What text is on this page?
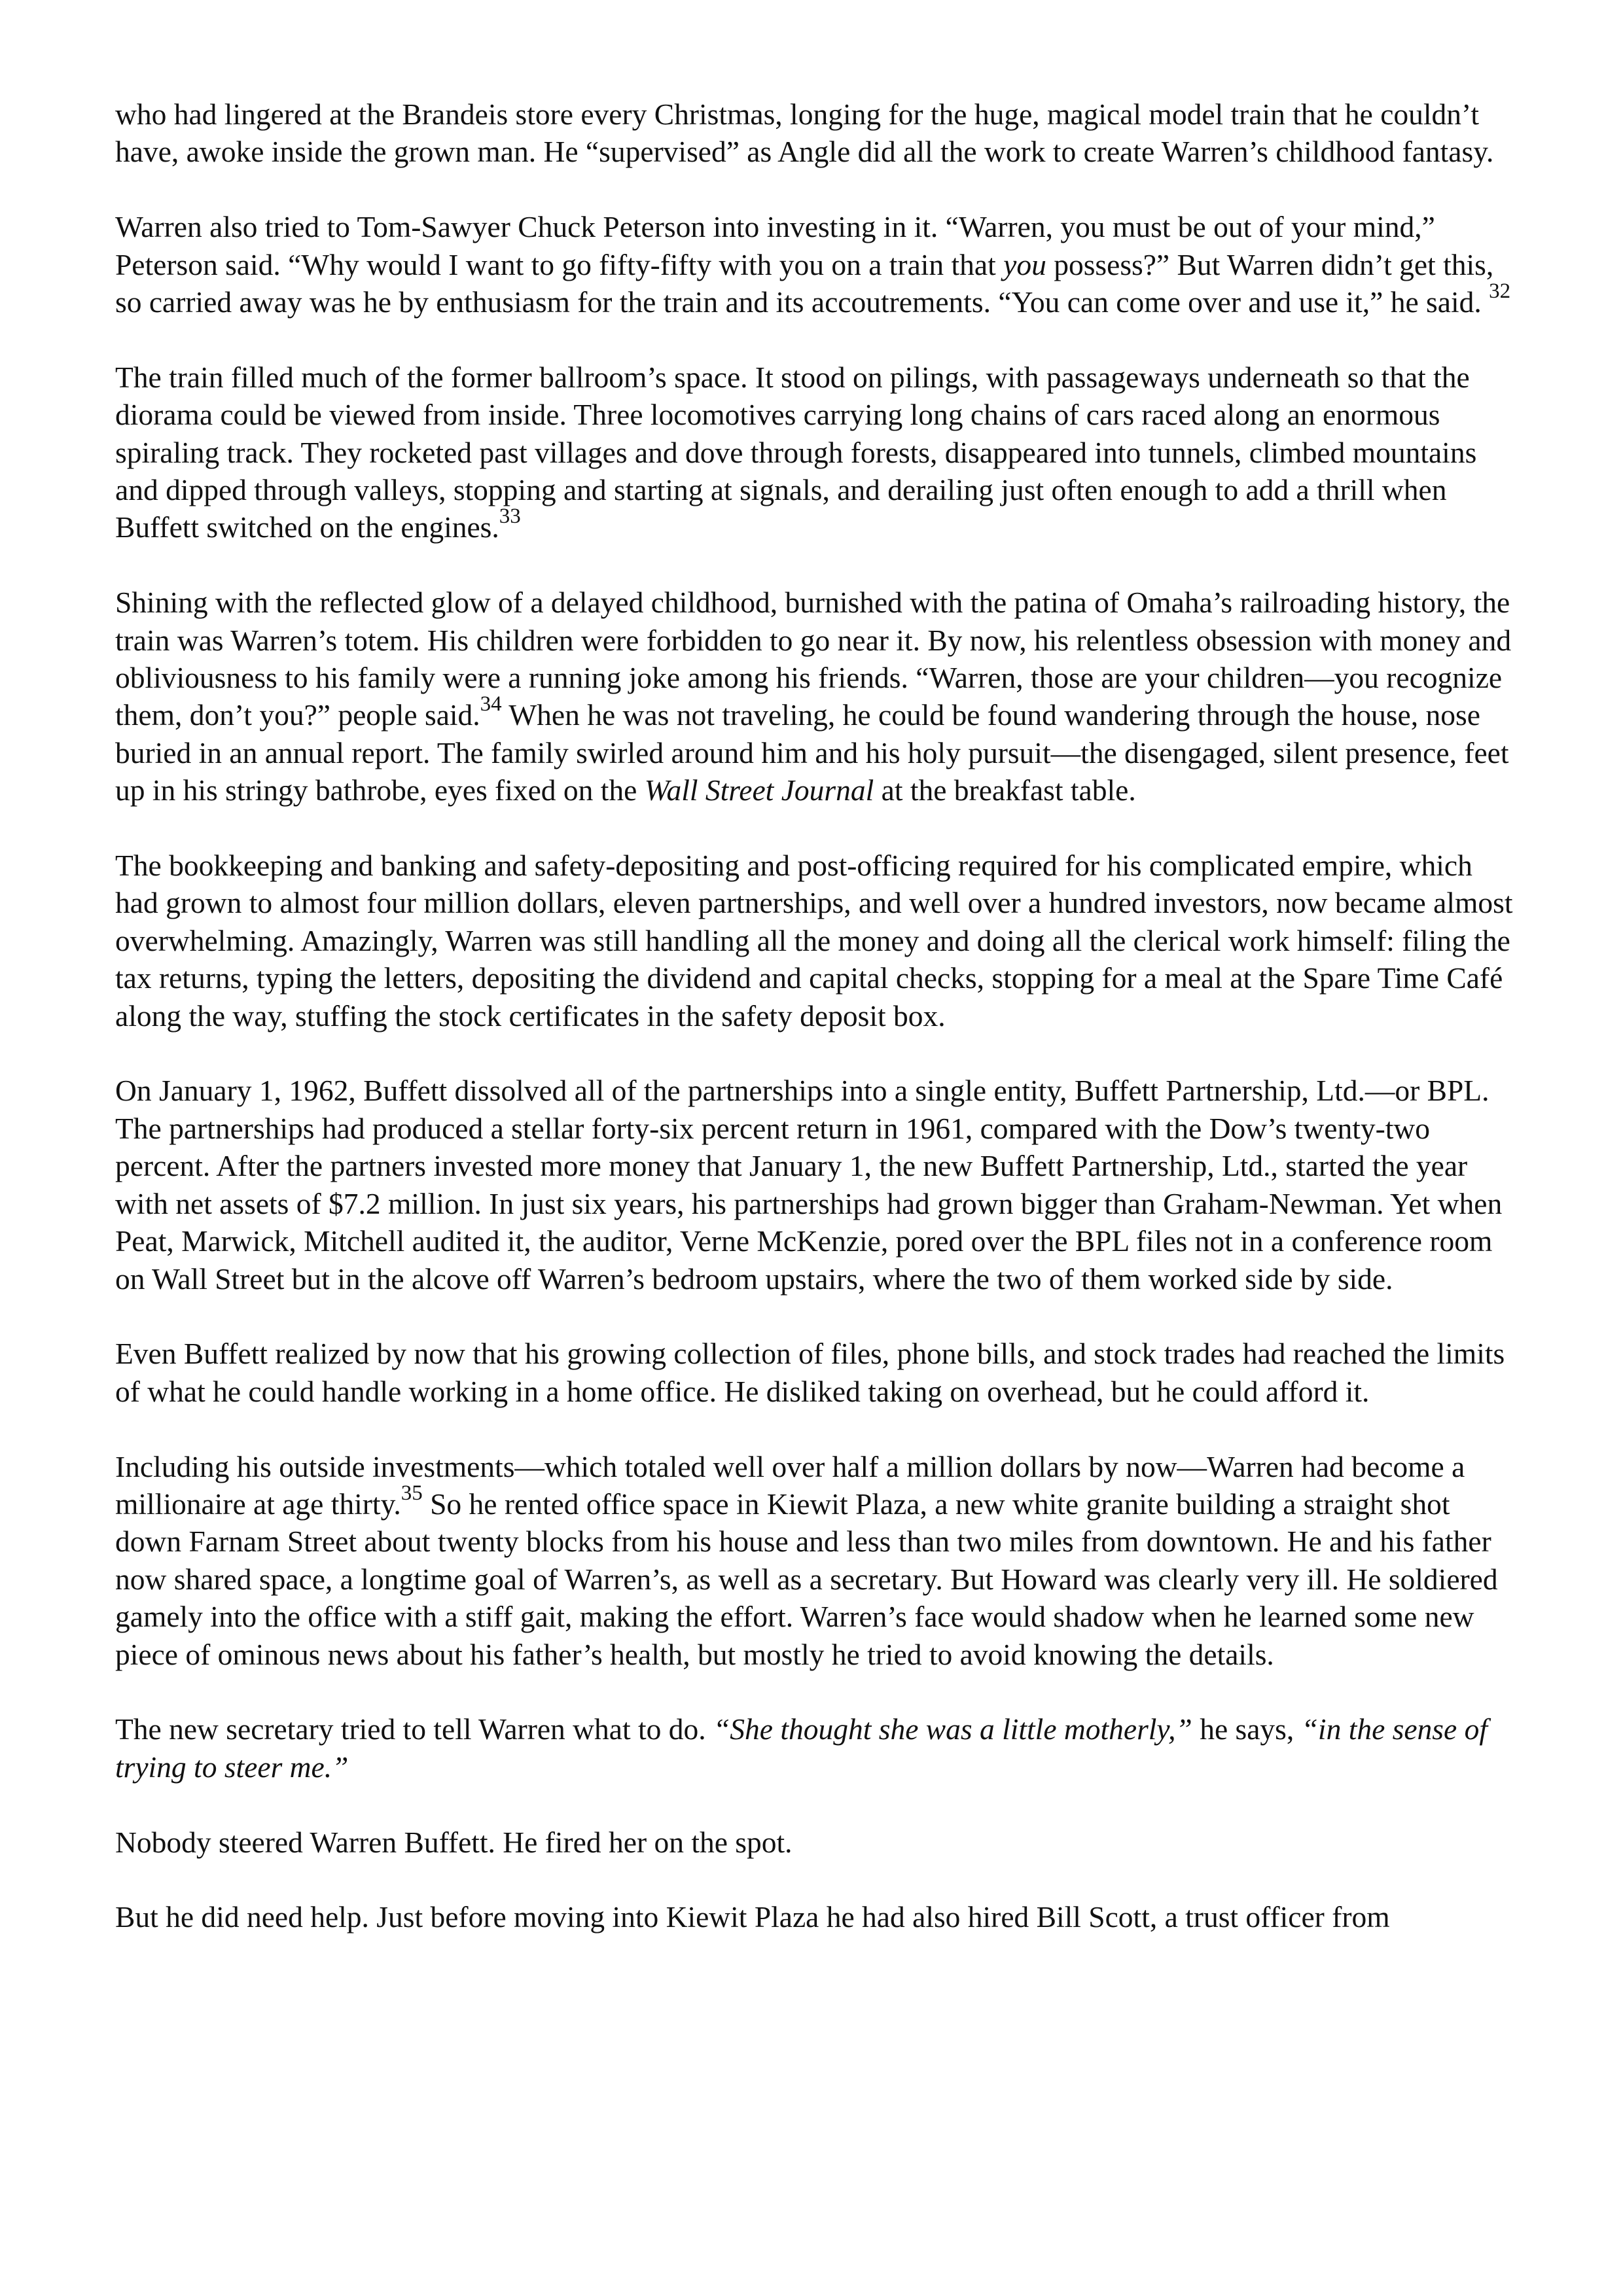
who had lingered at the Brandeis store every Christmas, longing for the huge, magical model train that he couldn’t have, awoke inside the grown man. He “supervised” as Angle did all the work to create Warren’s childhood fantasy.

Warren also tried to Tom-Sawyer Chuck Peterson into investing in it. “Warren, you must be out of your mind,” Peterson said. “Why would I want to go fifty-fifty with you on a train that you possess?” But Warren didn’t get this, so carried away was he by enthusiasm for the train and its accoutrements. “You can come over and use it,” he said. $^{32}$

The train filled much of the former ballroom’s space. It stood on pilings, with passageways underneath so that the diorama could be viewed from inside. Three locomotives carrying long chains of cars raced along an enormous spiraling track. They rocketed past villages and dove through forests, disappeared into tunnels, climbed mountains and dipped through valleys, stopping and starting at signals, and derailing just often enough to add a thrill when Buffett switched on the engines.$^{33}$

Shining with the reflected glow of a delayed childhood, burnished with the patina of Omaha’s railroading history, the train was Warren’s totem. His children were forbidden to go near it. By now, his relentless obsession with money and obliviousness to his family were a running joke among his friends. “Warren, those are your children—you recognize them, don’t you?” people said.$^{34}$ When he was not traveling, he could be found wandering through the house, nose buried in an annual report. The family swirled around him and his holy pursuit—the disengaged, silent presence, feet up in his stringy bathrobe, eyes fixed on the Wall Street Journal at the breakfast table.

The bookkeeping and banking and safety-depositing and post-officing required for his complicated empire, which had grown to almost four million dollars, eleven partnerships, and well over a hundred investors, now became almost overwhelming. Amazingly, Warren was still handling all the money and doing all the clerical work himself: filing the tax returns, typing the letters, depositing the dividend and capital checks, stopping for a meal at the Spare Time Café along the way, stuffing the stock certificates in the safety deposit box.

On January 1, 1962, Buffett dissolved all of the partnerships into a single entity, Buffett Partnership, Ltd.—or BPL. The partnerships had produced a stellar forty-six percent return in 1961, compared with the Dow’s twenty-two percent. After the partners invested more money that January 1, the new Buffett Partnership, Ltd., started the year with net assets of $7.2 million. In just six years, his partnerships had grown bigger than Graham-Newman. Yet when Peat, Marwick, Mitchell audited it, the auditor, Verne McKenzie, pored over the BPL files not in a conference room on Wall Street but in the alcove off Warren’s bedroom upstairs, where the two of them worked side by side.

Even Buffett realized by now that his growing collection of files, phone bills, and stock trades had reached the limits of what he could handle working in a home office. He disliked taking on overhead, but he could afford it.

Including his outside investments—which totaled well over half a million dollars by now—Warren had become a millionaire at age thirty.$^{35}$ So he rented office space in Kiewit Plaza, a new white granite building a straight shot down Farnam Street about twenty blocks from his house and less than two miles from downtown. He and his father now shared space, a longtime goal of Warren’s, as well as a secretary. But Howard was clearly very ill. He soldiered gamely into the office with a stiff gait, making the effort. Warren’s face would shadow when he learned some new piece of ominous news about his father’s health, but mostly he tried to avoid knowing the details.

The new secretary tried to tell Warren what to do. “She thought she was a little motherly,” he says, “in the sense of trying to steer me.”

Nobody steered Warren Buffett. He fired her on the spot.

But he did need help. Just before moving into Kiewit Plaza he had also hired Bill Scott, a trust officer from
